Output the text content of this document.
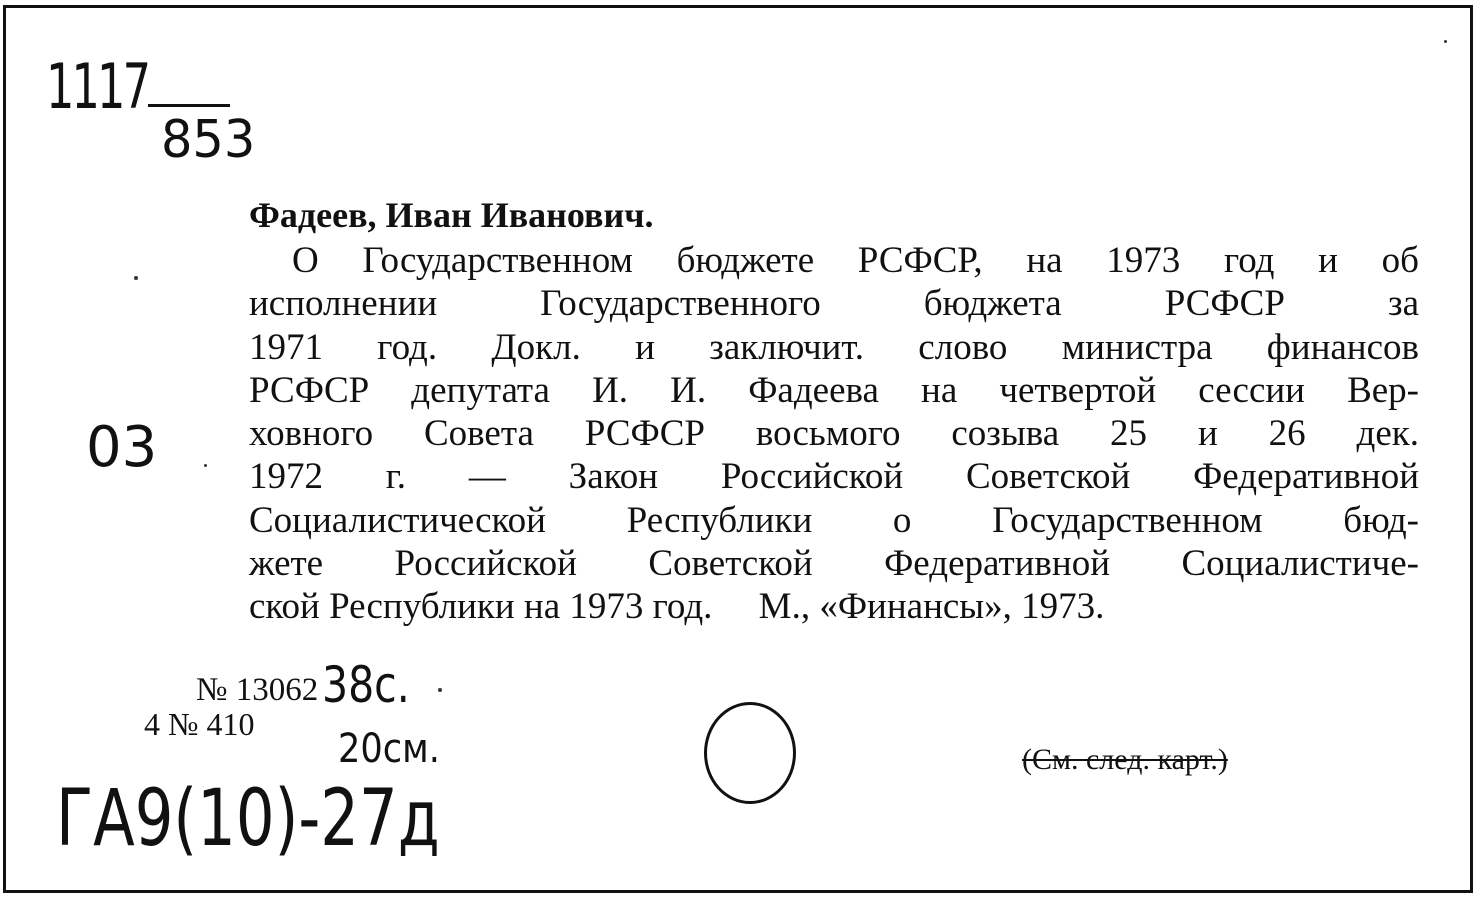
1117
853
03
Фадеев, Иван Иванович.
О Государственном бюджете РСФСР, на 1973 год и об
исполнении Государственного бюджета РСФСР за
1971 год. Докл. и заключит. слово министра финансов
РСФСР депутата И. И. Фадеева на четвертой сессии Вер-
ховного Совета РСФСР восьмого созыва 25 и 26 дек.
1972 г. — Закон Российской Советской Федеративной
Социалистической Республики о Государственном бюд-
жете Российской Советской Федеративной Социалистиче-
ской Республики на 1973 год.     М., «Финансы», 1973.
№ 13062 38с.
4 № 410
20см.	(См. след. карт.)
ГА9(10)-27д
